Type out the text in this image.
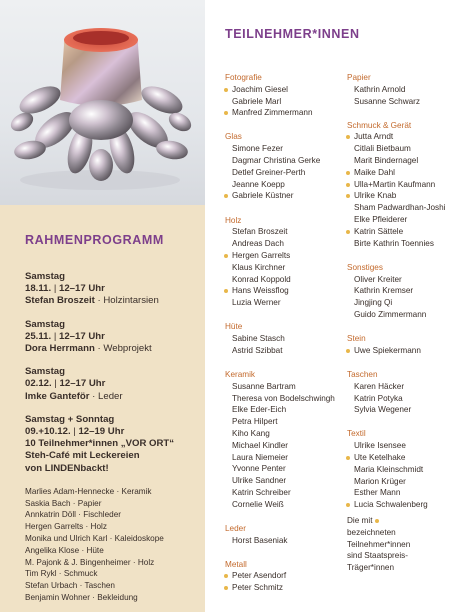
RAHMENPROGRAMM
Samstag
18.11. | 12–17 Uhr
Stefan Broszeit · Holzintarsien
Samstag
25.11. | 12–17 Uhr
Dora Herrmann · Webprojekt
Samstag
02.12. | 12–17 Uhr
Imke Ganteför · Leder
Samstag + Sonntag
09.+10.12. | 12–19 Uhr
10 Teilnehmer*innen „VOR ORT“
Steh-Café mit Leckereien
von LINDENbackt!
Marlies Adam-Hennecke · Keramik
Saskia Bach · Papier
Annkatrin Döll · Fischleder
Hergen Garrelts · Holz
Monika und Ulrich Karl · Kaleidoskope
Angelika Klose · Hüte
M. Pajonk & J. Bingenheimer · Holz
Tim Rykl · Schmuck
Stefan Urbach · Taschen
Benjamin Wohner · Bekleidung
TEILNEHMER*INNEN
Fotografie
Joachim Giesel
Gabriele Marl
Manfred Zimmermann
Glas
Simone Fezer
Dagmar Christina Gerke
Detlef Greiner-Perth
Jeanne Koepp
Gabriele Küstner
Holz
Stefan Broszeit
Andreas Dach
Hergen Garrelts
Klaus Kirchner
Konrad Koppold
Hans Weissflog
Luzia Werner
Hüte
Sabine Stasch
Astrid Szibbat
Keramik
Susanne Bartram
Theresa von Bodelschwingh
Elke Eder-Eich
Petra Hilpert
Kiho Kang
Michael Kindler
Laura Niemeier
Yvonne Penter
Ulrike Sandner
Katrin Schreiber
Cornelie Weiß
Leder
Horst Baseniak
Metall
Peter Asendorf
Peter Schmitz
Papier
Kathrin Arnold
Susanne Schwarz
Schmuck & Gerät
Jutta Arndt
Citlali Bietbaum
Marit Bindernagel
Maike Dahl
Ulla+Martin Kaufmann
Ulrike Knab
Sham Padwardhan-Joshi
Elke Pfleiderer
Katrin Sättele
Birte Kathrin Toennies
Sonstiges
Oliver Kreiter
Kathrin Kremser
Jingjing Qi
Guido Zimmermann
Stein
Uwe Spiekermann
Taschen
Karen Häcker
Katrin Potyka
Sylvia Wegener
Textil
Ulrike Isensee
Ute Ketelhake
Maria Kleinschmidt
Marion Krüger
Esther Mann
Lucia Schwalenberg
Die mit
bezeichneten
Teilnehmer*innen
sind Staatspreis-
Träger*innen
